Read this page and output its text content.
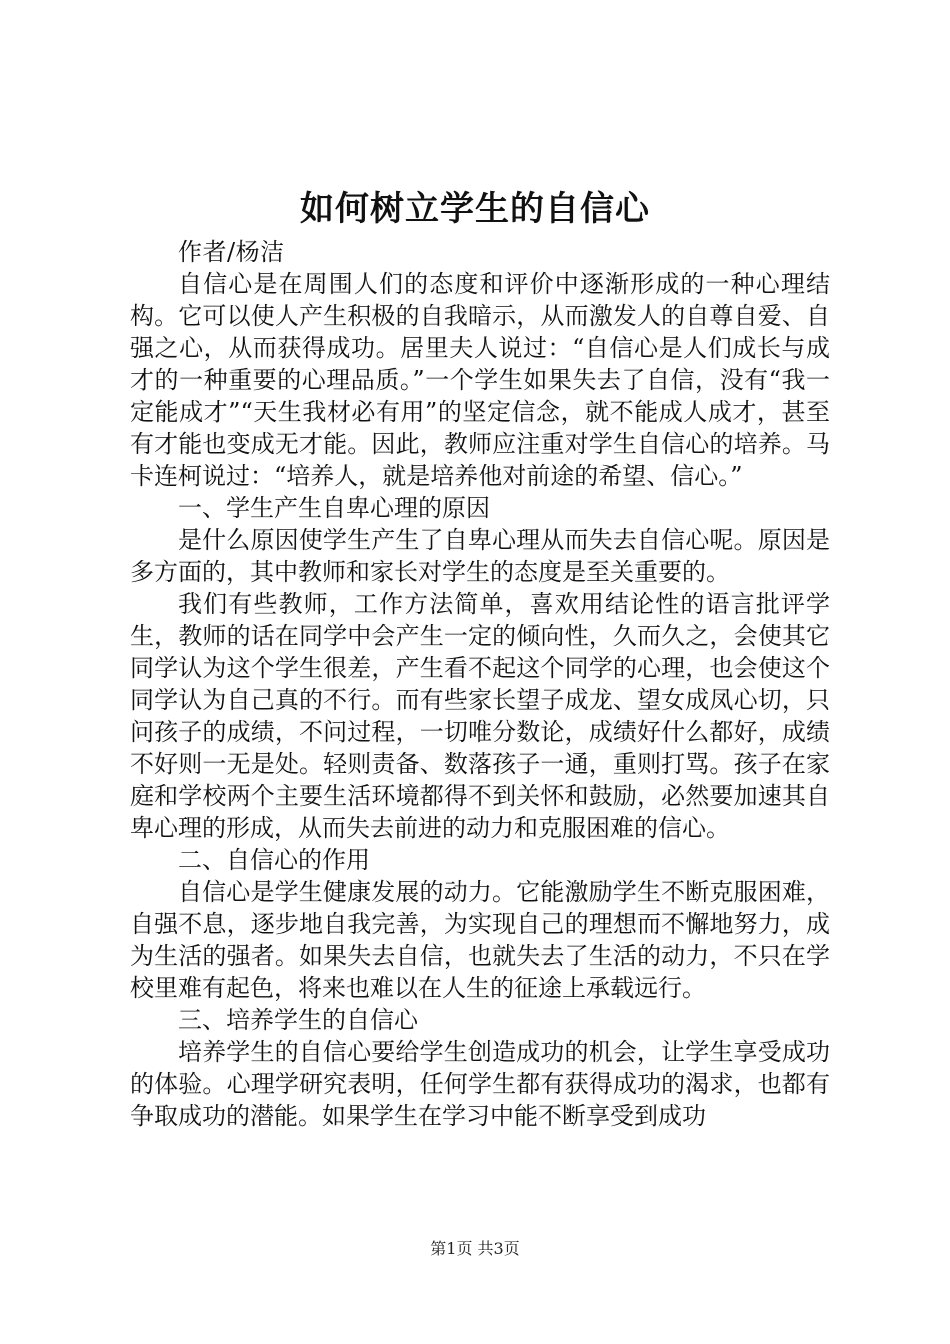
如何树立学生的自信心

作者/杨洁

自信心是在周围人们的态度和评价中逐渐形成的一种心理结构。它可以使人产生积极的自我暗示，从而激发人的自尊自爱、自强之心，从而获得成功。居里夫人说过：“自信心是人们成长与成才的一种重要的心理品质。”一个学生如果失去了自信，没有“我一定能成才”“天生我材必有用”的坚定信念，就不能成人成才，甚至有才能也变成无才能。因此，教师应注重对学生自信心的培养。马卡连柯说过：“培养人，就是培养他对前途的希望、信心。”

一、学生产生自卑心理的原因

是什么原因使学生产生了自卑心理从而失去自信心呢。原因是多方面的，其中教师和家长对学生的态度是至关重要的。

我们有些教师，工作方法简单，喜欢用结论性的语言批评学生，教师的话在同学中会产生一定的倾向性，久而久之，会使其它同学认为这个学生很差，产生看不起这个同学的心理，也会使这个同学认为自己真的不行。而有些家长望子成龙、望女成凤心切，只问孩子的成绩，不问过程，一切唯分数论，成绩好什么都好，成绩不好则一无是处。轻则责备、数落孩子一通，重则打骂。孩子在家庭和学校两个主要生活环境都得不到关怀和鼓励，必然要加速其自卑心理的形成，从而失去前进的动力和克服困难的信心。

二、自信心的作用

自信心是学生健康发展的动力。它能激励学生不断克服困难，自强不息，逐步地自我完善，为实现自己的理想而不懈地努力，成为生活的强者。如果失去自信，也就失去了生活的动力，不只在学校里难有起色，将来也难以在人生的征途上承载远行。

三、培养学生的自信心

培养学生的自信心要给学生创造成功的机会，让学生享受成功的体验。心理学研究表明，任何学生都有获得成功的渴求，也都有争取成功的潜能。如果学生在学习中能不断享受到成功

第1页 共3页
